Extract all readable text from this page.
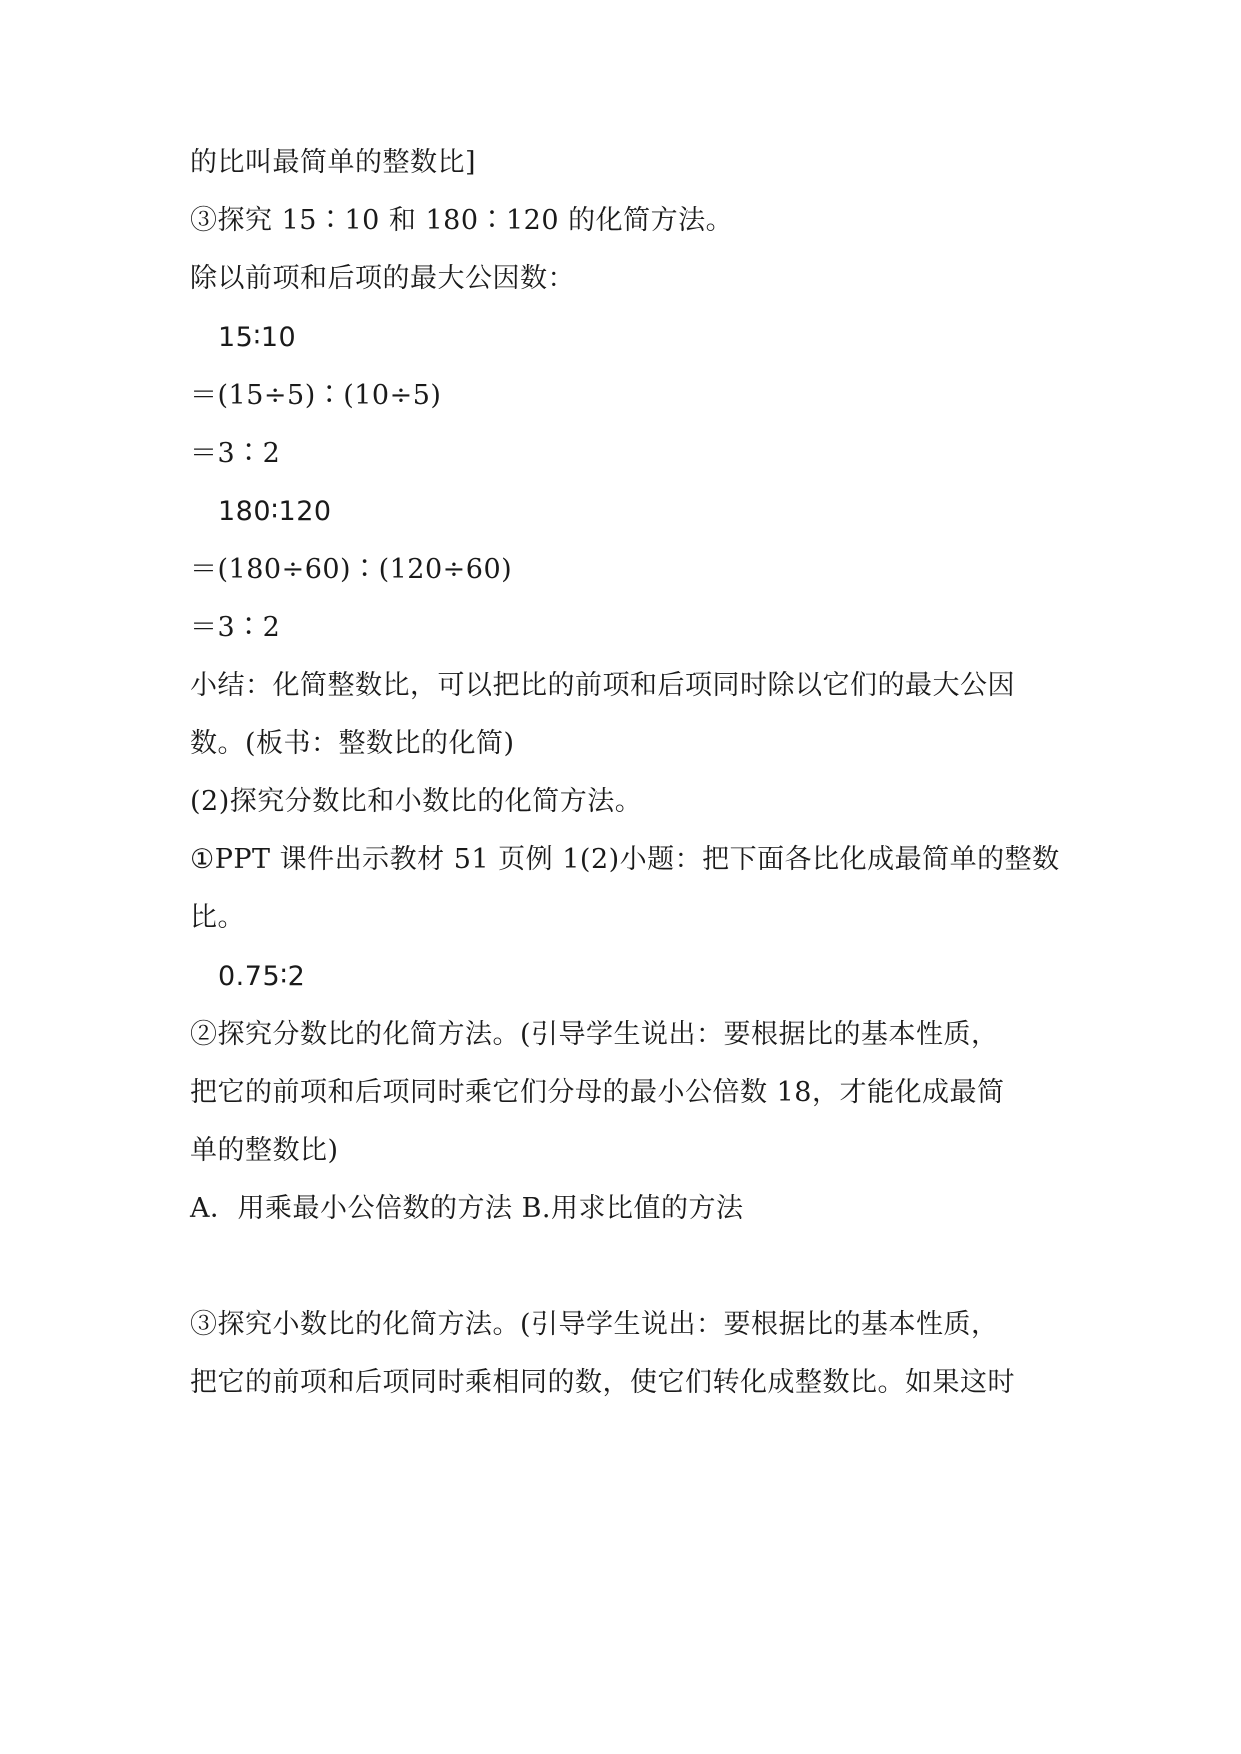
的比叫最简单的整数比]
③探究 15∶10 和 180∶120 的化简方法。
除以前项和后项的最大公因数：
15∶10
＝(15÷5)∶(10÷5)
＝3∶2
180∶120
＝(180÷60)∶(120÷60)
＝3∶2
小结：化简整数比，可以把比的前项和后项同时除以它们的最大公因
数。(板书：整数比的化简)
(2)探究分数比和小数比的化简方法。
①PPT 课件出示教材 51 页例 1(2)小题：把下面各比化成最简单的整数
比。
0.75∶2
②探究分数比的化简方法。(引导学生说出：要根据比的基本性质，
把它的前项和后项同时乘它们分母的最小公倍数 18，才能化成最简
单的整数比)
A．用乘最小公倍数的方法 B.用求比值的方法
③探究小数比的化简方法。(引导学生说出：要根据比的基本性质，
把它的前项和后项同时乘相同的数，使它们转化成整数比。如果这时
